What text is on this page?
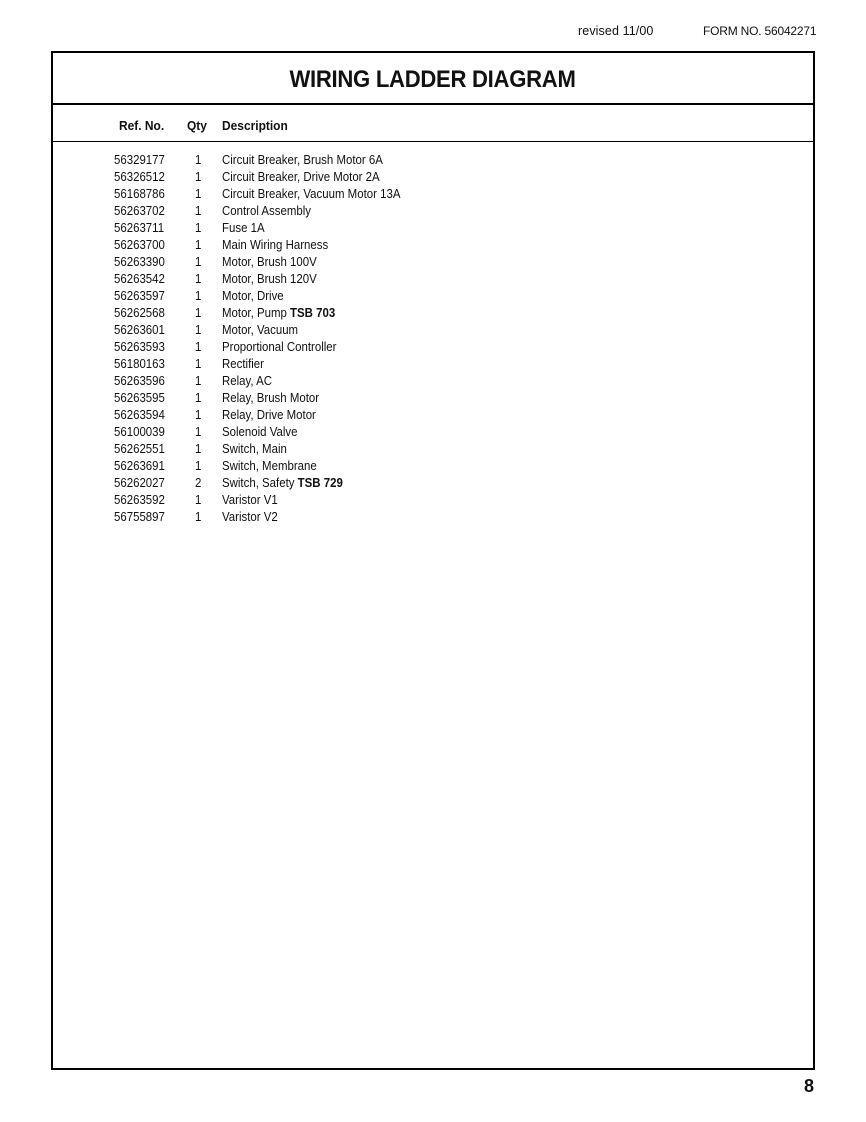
revised 11/00	FORM NO. 56042271
WIRING LADDER DIAGRAM
Ref. No. Qty Description
56329177 1 Circuit Breaker, Brush Motor 6A
56326512 1 Circuit Breaker, Drive Motor 2A
56168786 1 Circuit Breaker, Vacuum Motor 13A
56263702 1 Control Assembly
56263711 1 Fuse 1A
56263700 1 Main Wiring Harness
56263390 1 Motor, Brush 100V
56263542 1 Motor, Brush 120V
56263597 1 Motor, Drive
56262568 1 Motor, Pump TSB 703
56263601 1 Motor, Vacuum
56263593 1 Proportional Controller
56180163 1 Rectifier
56263596 1 Relay, AC
56263595 1 Relay, Brush Motor
56263594 1 Relay, Drive Motor
56100039 1 Solenoid Valve
56262551 1 Switch, Main
56263691 1 Switch, Membrane
56262027 2 Switch, Safety TSB 729
56263592 1 Varistor V1
56755897 1 Varistor V2
8
